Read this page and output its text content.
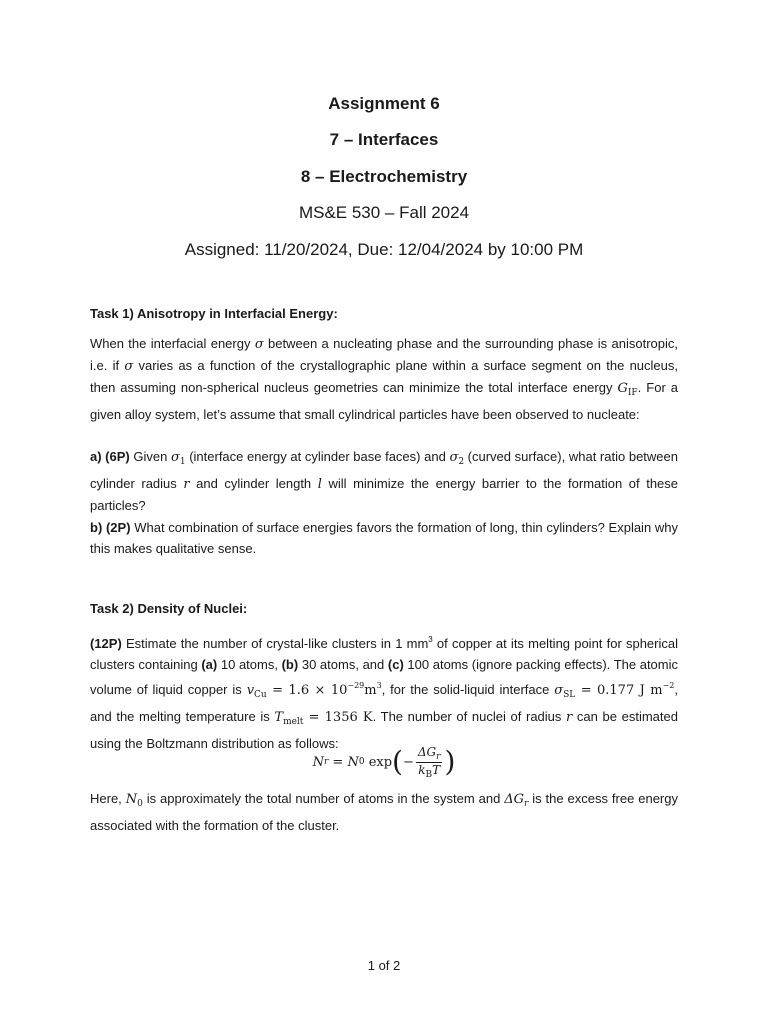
Assignment 6
7 – Interfaces
8 – Electrochemistry
MS&E 530 – Fall 2024
Assigned: 11/20/2024, Due: 12/04/2024 by 10:00 PM
Task 1) Anisotropy in Interfacial Energy:
When the interfacial energy σ between a nucleating phase and the surrounding phase is anisotropic, i.e. if σ varies as a function of the crystallographic plane within a surface segment on the nucleus, then assuming non-spherical nucleus geometries can minimize the total interface energy $G_{IF}$. For a given alloy system, let’s assume that small cylindrical particles have been observed to nucleate:
a) (6P) Given $\sigma_1$ (interface energy at cylinder base faces) and $\sigma_2$ (curved surface), what ratio between cylinder radius r and cylinder length l will minimize the energy barrier to the formation of these particles?
b) (2P) What combination of surface energies favors the formation of long, thin cylinders? Explain why this makes qualitative sense.
Task 2) Density of Nuclei:
(12P) Estimate the number of crystal-like clusters in 1 $mm^3$ of copper at its melting point for spherical clusters containing (a) 10 atoms, (b) 30 atoms, and (c) 100 atoms (ignore packing effects). The atomic volume of liquid copper is $v_{Cu} = 1.6 \times 10^{-29}m^3$, for the solid-liquid interface $\sigma_{SL} = 0.177$ J $m^{-2}$, and the melting temperature is $T_{melt} = 1356$ K. The number of nuclei of radius r can be estimated using the Boltzmann distribution as follows:
N r = N 0 exp ( − $\frac{\Delta G_r}{k_BT}$ )
Here, $N_0$ is approximately the total number of atoms in the system and $\Delta G_r$ is the excess free energy associated with the formation of the cluster.
1 of 2
